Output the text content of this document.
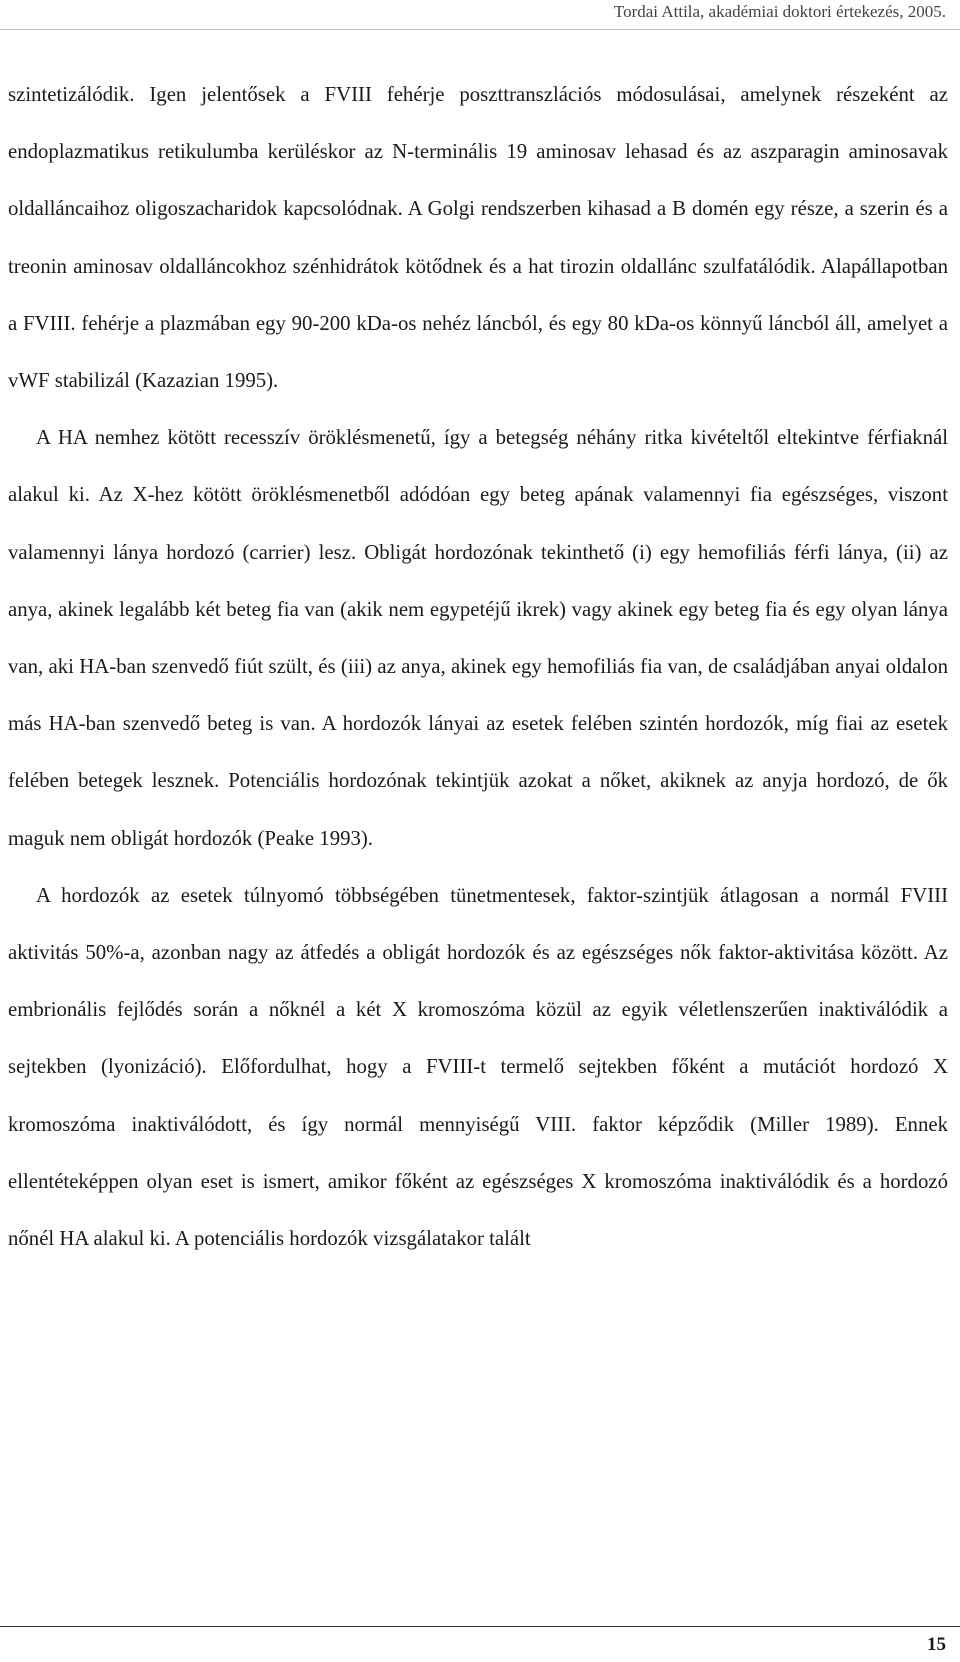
Tordai Attila, akadémiai doktori értekezés, 2005.

szintetizálódik. Igen jelentősek a FVIII fehérje poszttranszlációs módosulásai, amelynek részeként az endoplazmatikus retikulumba kerüléskor az N-terminális 19 aminosav lehasad és az aszparagin aminosavak oldalláncaihoz oligoszacharidok kapcsolódnak. A Golgi rendszerben kihasad a B domén egy része, a szerin és a treonin aminosav oldalláncokhoz szénhidrátok kötődnek és a hat tirozin oldallánc szulfatálódik. Alapállapotban a FVIII. fehérje a plazmában egy 90-200 kDa-os nehéz láncból, és egy 80 kDa-os könnyű láncból áll, amelyet a vWF stabilizál (Kazazian 1995).

A HA nemhez kötött recesszív öröklésmenetű, így a betegség néhány ritka kivételtől eltekintve férfiaknál alakul ki. Az X-hez kötött öröklésmenetből adódóan egy beteg apának valamennyi fia egészséges, viszont valamennyi lánya hordozó (carrier) lesz. Obligát hordozónak tekinthető (i) egy hemofiliás férfi lánya, (ii) az anya, akinek legalább két beteg fia van (akik nem egypetéjű ikrek) vagy akinek egy beteg fia és egy olyan lánya van, aki HA-ban szenvedő fiút szült, és (iii) az anya, akinek egy hemofiliás fia van, de családjában anyai oldalon más HA-ban szenvedő beteg is van. A hordozók lányai az esetek felében szintén hordozók, míg fiai az esetek felében betegek lesznek. Potenciális hordozónak tekintjük azokat a nőket, akiknek az anyja hordozó, de ők maguk nem obligát hordozók (Peake 1993).

A hordozók az esetek túlnyomó többségében tünetmentesek, faktor-szintjük átlagosan a normál FVIII aktivitás 50%-a, azonban nagy az átfedés a obligát hordozók és az egészséges nők faktor-aktivitása között. Az embrionális fejlődés során a nőknél a két X kromoszóma közül az egyik véletlenszerűen inaktiválódik a sejtekben (lyonizáció). Előfordulhat, hogy a FVIII-t termelő sejtekben főként a mutációt hordozó X kromoszóma inaktiválódott, és így normál mennyiségű VIII. faktor képződik (Miller 1989). Ennek ellentéteképpen olyan eset is ismert, amikor főként az egészséges X kromoszóma inaktiválódik és a hordozó nőnél HA alakul ki. A potenciális hordozók vizsgálatakor talált

15
